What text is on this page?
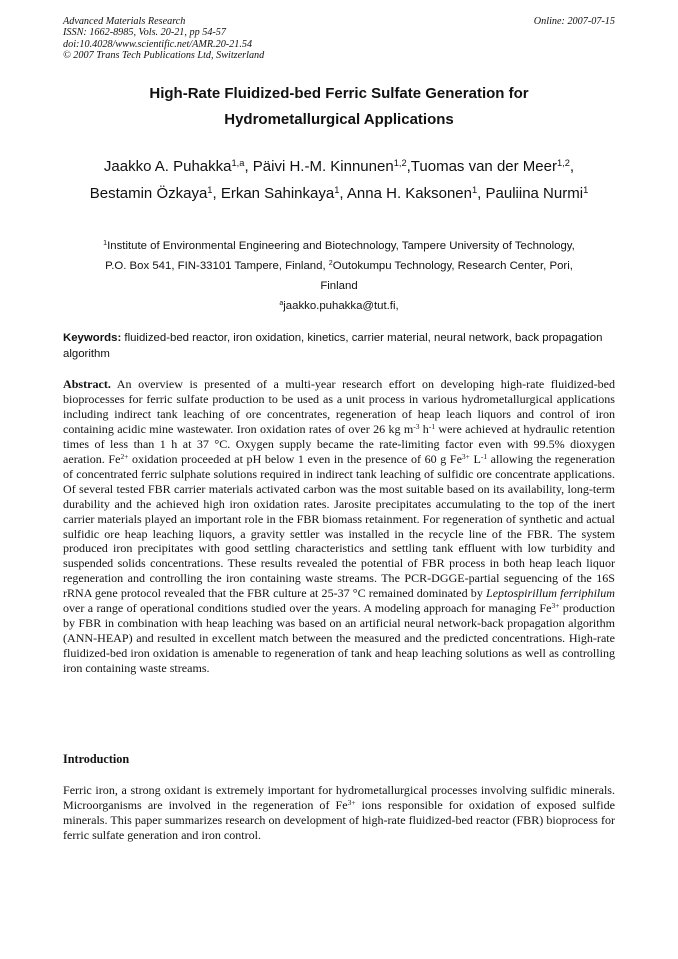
Advanced Materials Research
ISSN: 1662-8985, Vols. 20-21, pp 54-57
doi:10.4028/www.scientific.net/AMR.20-21.54
© 2007 Trans Tech Publications Ltd, Switzerland
Online: 2007-07-15
High-Rate Fluidized-bed Ferric Sulfate Generation for
Hydrometallurgical Applications
Jaakko A. Puhakka$^{1,a}$, Päivi H.-M. Kinnunen$^{1,2}$,Tuomas van der Meer$^{1,2}$,
Bestamin Özkaya$^1$, Erkan Sahinkaya$^1$, Anna H. Kaksonen$^1$, Pauliina Nurmi$^1$
$^1$Institute of Environmental Engineering and Biotechnology, Tampere University of Technology,
P.O. Box 541, FIN-33101 Tampere, Finland, $^2$Outokumpu Technology, Research Center, Pori,
Finland
$^a$jaakko.puhakka@tut.fi,
Keywords: fluidized-bed reactor, iron oxidation, kinetics, carrier material, neural network, back propagation algorithm
Abstract. An overview is presented of a multi-year research effort on developing high-rate fluidized-bed bioprocesses for ferric sulfate production to be used as a unit process in various hydrometallurgical applications including indirect tank leaching of ore concentrates, regeneration of heap leach liquors and control of iron containing acidic mine wastewater. Iron oxidation rates of over 26 kg $m^{-3}$ $h^{-1}$ were achieved at hydraulic retention times of less than 1 h at 37 °C. Oxygen supply became the rate-limiting factor even with 99.5% dioxygen aeration. $Fe^{2+}$ oxidation proceeded at pH below 1 even in the presence of 60 g $Fe^{3+}$ $L^{-1}$ allowing the regeneration of concentrated ferric sulphate solutions required in indirect tank leaching of sulfidic ore concentrate applications. Of several tested FBR carrier materials activated carbon was the most suitable based on its availability, long-term durability and the achieved high iron oxidation rates. Jarosite precipitates accumulating to the top of the inert carrier materials played an important role in the FBR biomass retainment. For regeneration of synthetic and actual sulfidic ore heap leaching liquors, a gravity settler was installed in the recycle line of the FBR. The system produced iron precipitates with good settling characteristics and settling tank effluent with low turbidity and suspended solids concentrations. These results revealed the potential of FBR process in both heap leach liquor regeneration and controlling the iron containing waste streams. The PCR-DGGE-partial seguencing of the 16S rRNA gene protocol revealed that the FBR culture at 25-37 °C remained dominated by Leptospirillum ferriphilum over a range of operational conditions studied over the years. A modeling approach for managing $Fe^{3+}$ production by FBR in combination with heap leaching was based on an artificial neural network-back propagation algorithm (ANN-HEAP) and resulted in excellent match between the measured and the predicted concentrations. High-rate fluidized-bed iron oxidation is amenable to regeneration of tank and heap leaching solutions as well as controlling iron containing waste streams.
Introduction
Ferric iron, a strong oxidant is extremely important for hydrometallurgical processes involving sulfidic minerals. Microorganisms are involved in the regeneration of $Fe^{3+}$ ions responsible for oxidation of exposed sulfide minerals. This paper summarizes research on development of high-rate fluidized-bed reactor (FBR) bioprocess for ferric sulfate generation and iron control.
